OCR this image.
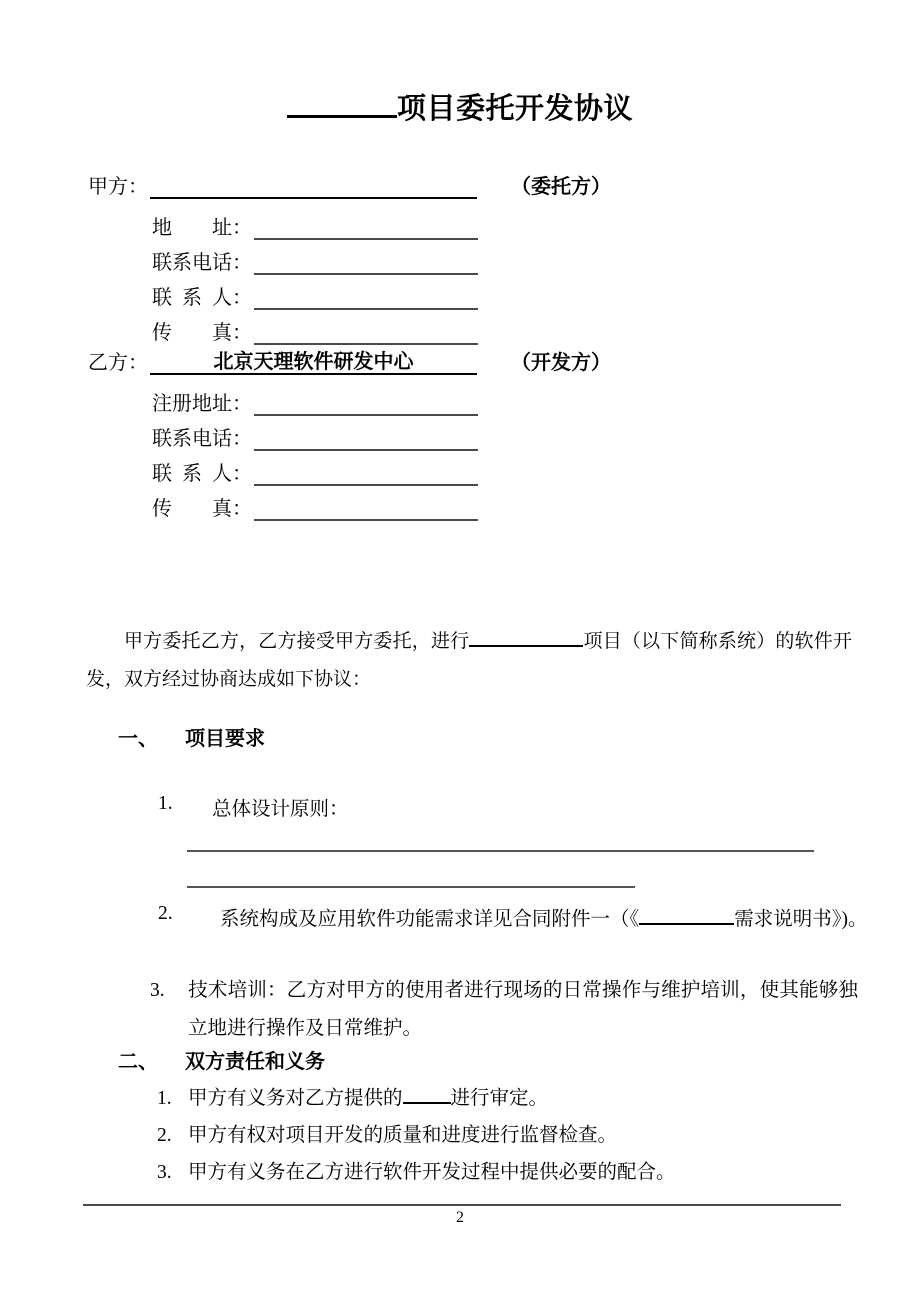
项目委托开发协议
甲方：	（委托方）
地址 ：
联系电话 ：
联系人 ：
传真 ：
乙方：	北京天理软件研发中心	（开发方）
注册地址 ：
联系电话 ：
联系人 ：
传真 ：

甲方委托乙方，乙方接受甲方委托，进行	项目（以下简称系统）的软件开发，双方经过协商达成如下协议：

一、	项目要求
1.	总体设计原则：
2.	系统构成及应用软件功能需求详见合同附件一（《	需求说明书》)。
3. 技术培训：乙方对甲方的使用者进行现场的日常操作与维护培训，使其能够独立地进行操作及日常维护。
二、	双方责任和义务
1. 甲方有义务对乙方提供的 进行审定。
2. 甲方有权对项目开发的质量和进度进行监督检查。
3. 甲方有义务在乙方进行软件开发过程中提供必要的配合。
2
